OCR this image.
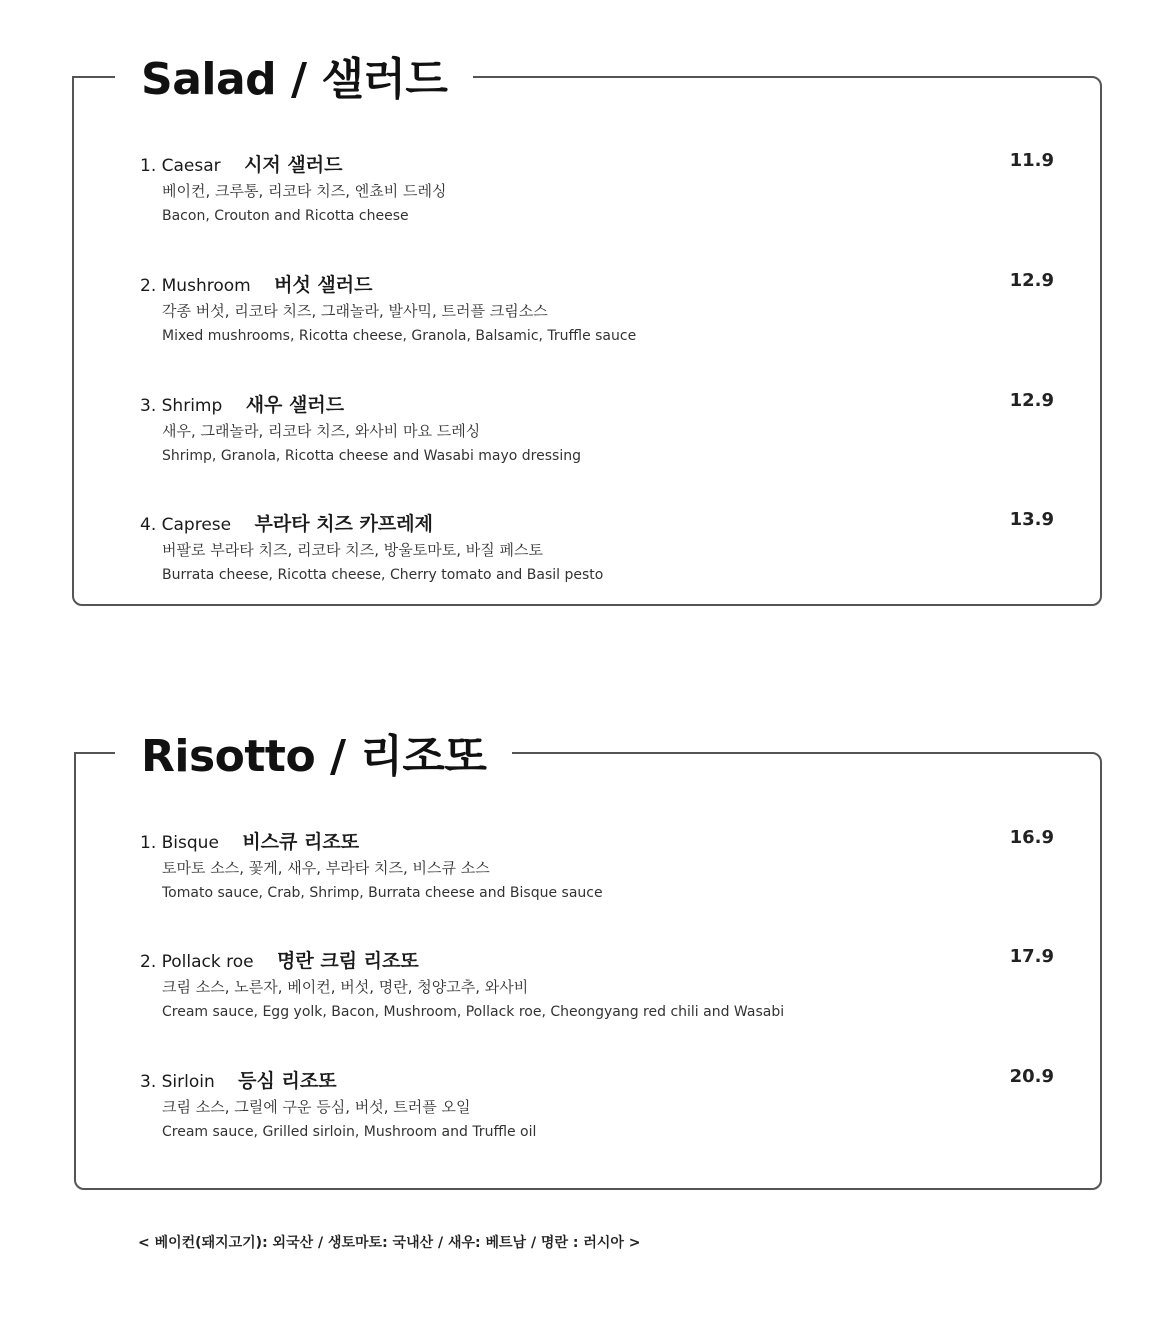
Salad / 샐러드
1. Caesar 시저 샐러드	11.9
베이컨, 크루통, 리코타 치즈, 엔쵸비 드레싱
Bacon, Crouton and Ricotta cheese
2. Mushroom 버섯 샐러드	12.9
각종 버섯, 리코타 치즈, 그래놀라, 발사믹, 트러플 크림소스
Mixed mushrooms, Ricotta cheese, Granola, Balsamic, Truffle sauce
3. Shrimp 새우 샐러드	12.9
새우, 그래놀라, 리코타 치즈, 와사비 마요 드레싱
Shrimp, Granola, Ricotta cheese and Wasabi mayo dressing
4. Caprese 부라타 치즈 카프레제	13.9
버팔로 부라타 치즈, 리코타 치즈, 방울토마토, 바질 페스토
Burrata cheese, Ricotta cheese, Cherry tomato and Basil pesto
Risotto / 리조또
1. Bisque 비스큐 리조또	16.9
토마토 소스, 꽃게, 새우, 부라타 치즈, 비스큐 소스
Tomato sauce, Crab, Shrimp, Burrata cheese and Bisque sauce
2. Pollack roe 명란 크림 리조또	17.9
크림 소스, 노른자, 베이컨, 버섯, 명란, 청양고추, 와사비
Cream sauce, Egg yolk, Bacon, Mushroom, Pollack roe, Cheongyang red chili and Wasabi
3. Sirloin 등심 리조또	20.9
크림 소스, 그릴에 구운 등심, 버섯, 트러플 오일
Cream sauce, Grilled sirloin, Mushroom and Truffle oil
< 베이컨(돼지고기): 외국산 / 생토마토: 국내산 / 새우: 베트남 / 명란 : 러시아 >
